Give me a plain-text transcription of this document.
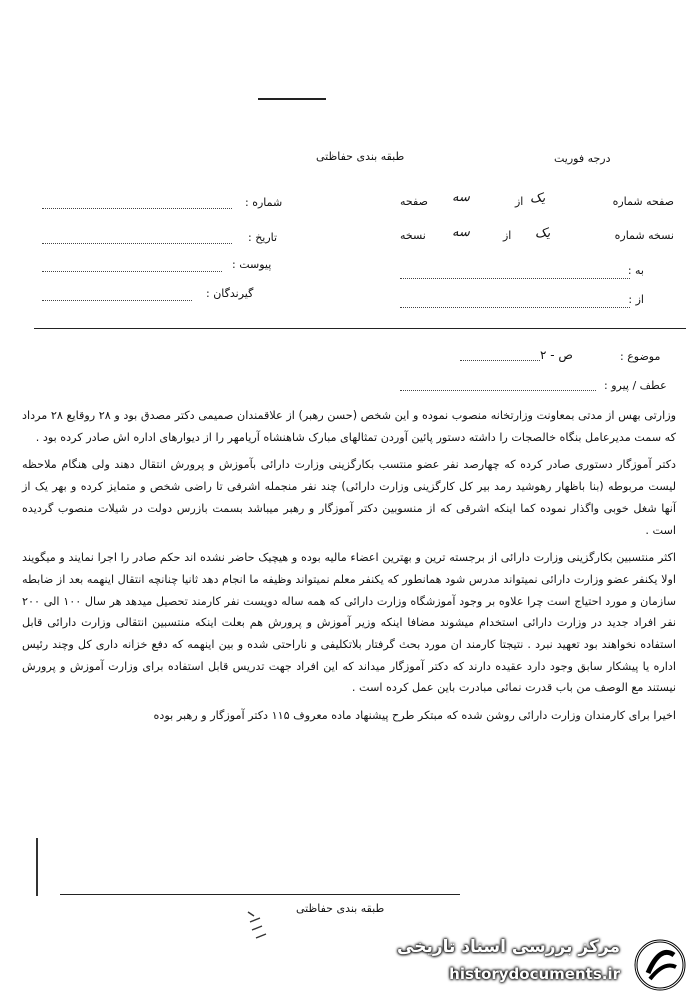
طبقه بندی حفاظتی	درجه فوریت
صفحه شماره
یک
از
سه
صفحه
نسخه شماره
یک
از
سه
نسخه
به :
از :
شماره :
تاریخ :
پیوست :
گیرندگان :
موضوع :
ص - ۲
عطف / پیرو :

وزارتی بهس از مدتی بمعاونت وزارتخانه منصوب نموده و این شخص (حسن رهبر) از علاقمندان صمیمی دکتر مصدق بود و ۲۸ روقایع ۲۸ مرداد که سمت مدیرعامل بنگاه خالصجات را داشته دستور پائین آوردن تمثالهای مبارک شاهنشاه آریامهر را از دیوارهای اداره اش صادر کرده بود .

دکتر آموزگار دستوری صادر کرده که چهارصد نفر عضو منتسب بکارگزینی وزارت دارائی بآموزش و پرورش انتقال دهند ولی هنگام ملاحظه لیست مربوطه (بنا باظهار رهوشید رمد بیر کل کارگزینی وزارت دارائی) چند نفر منجمله اشرفی تا راضی شخص و متمایز کرده و بهر یک از آنها شغل خوبی واگذار نموده کما اینکه اشرقی که از منسوبین دکتر آموزگار و رهبر میباشد بسمت بازرس دولت در شیلات منصوب گردیده است .

اکثر منتسبین بکارگزینی وزارت دارائی از برجسته ترین و بهترین اعضاء مالیه بوده و هیچیک حاضر نشده اند حکم صادر را اجرا نمایند و میگویند اولا یکنفر عضو وزارت دارائی نمیتواند مدرس شود همانطور که یکنفر معلم نمیتواند وظیفه ما انجام دهد ثانیا چنانچه انتقال اینهمه بعد از ضابطه سازمان و مورد احتیاج است چرا علاوه بر وجود آموزشگاه وزارت دارائی که همه ساله دویست نفر کارمند تحصیل میدهد هر سال ۱۰۰ الی ۲۰۰ نفر افراد جدید در وزارت دارائی استخدام میشوند مضافا اینکه وزیر آموزش و پرورش هم بعلت اینکه منتسبین انتقالی وزارت دارائی قابل استفاده نخواهند بود تعهید نبرد . نتیجتا کارمند ان مورد بحث گرفتار بلاتکلیفی و ناراحتی شده و بین اینهمه که دفع خزانه داری کل وچند رئیس اداره یا پیشکار سابق وجود دارد عقیده دارند که دکتر آموزگار میداند که این افراد جهت تدریس قابل استفاده برای وزارت آموزش و پرورش نیستند مع الوصف من باب قدرت نمائی مبادرت باین عمل کرده است .

اخیرا برای کارمندان وزارت دارائی روشن شده که مبتکر طرح پیشنهاد ماده معروف ۱۱۵ دکتر آموزگار و رهبر بوده

طبقه بندی حفاظتی
مرکز بررسی اسناد تاریخی
historydocuments.ir
